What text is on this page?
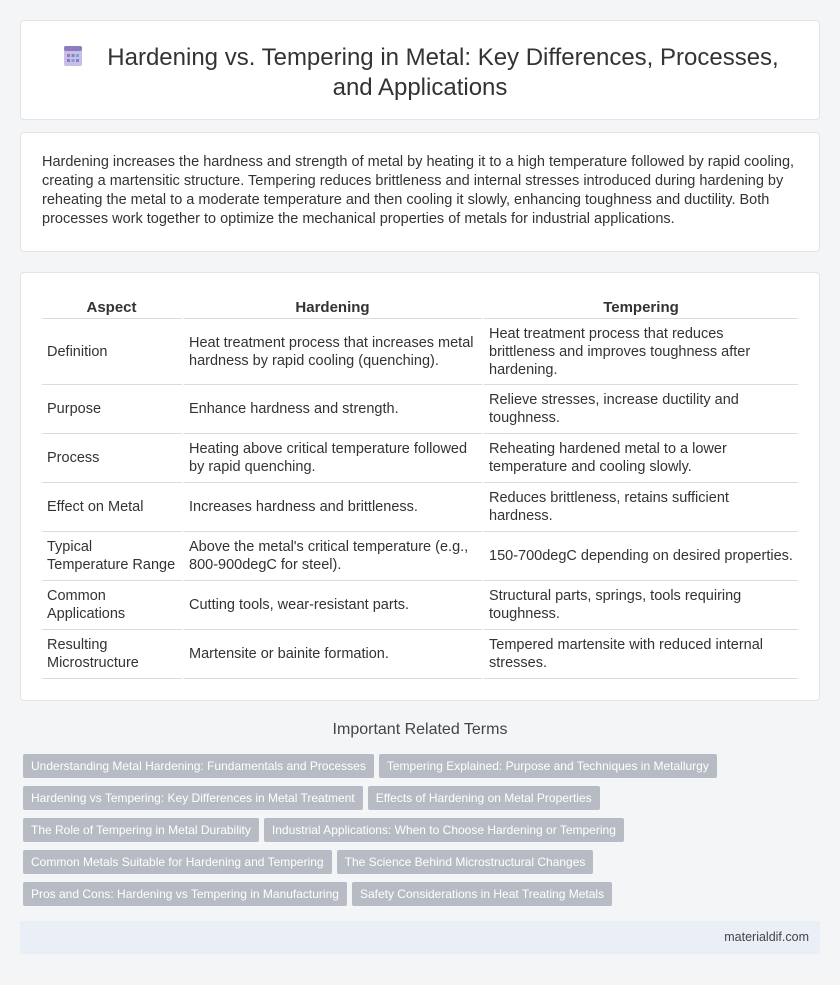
Hardening vs. Tempering in Metal: Key Differences, Processes, and Applications

Hardening increases the hardness and strength of metal by heating it to a high temperature followed by rapid cooling, creating a martensitic structure. Tempering reduces brittleness and internal stresses introduced during hardening by reheating the metal to a moderate temperature and then cooling it slowly, enhancing toughness and ductility. Both processes work together to optimize the mechanical properties of metals for industrial applications.

Aspect	Hardening	Tempering
Definition	Heat treatment process that increases metal hardness by rapid cooling (quenching).	Heat treatment process that reduces brittleness and improves toughness after hardening.
Purpose	Enhance hardness and strength.	Relieve stresses, increase ductility and toughness.
Process	Heating above critical temperature followed by rapid quenching.	Reheating hardened metal to a lower temperature and cooling slowly.
Effect on Metal	Increases hardness and brittleness.	Reduces brittleness, retains sufficient hardness.
Typical Temperature Range	Above the metal's critical temperature (e.g., 800-900degC for steel).	150-700degC depending on desired properties.
Common Applications	Cutting tools, wear-resistant parts.	Structural parts, springs, tools requiring toughness.
Resulting Microstructure	Martensite or bainite formation.	Tempered martensite with reduced internal stresses.
Important Related Terms
Understanding Metal Hardening: Fundamentals and Processes Tempering Explained: Purpose and Techniques in Metallurgy
Hardening vs Tempering: Key Differences in Metal Treatment Effects of Hardening on Metal Properties
The Role of Tempering in Metal Durability Industrial Applications: When to Choose Hardening or Tempering
Common Metals Suitable for Hardening and Tempering The Science Behind Microstructural Changes
Pros and Cons: Hardening vs Tempering in Manufacturing Safety Considerations in Heat Treating Metals
materialdif.com
